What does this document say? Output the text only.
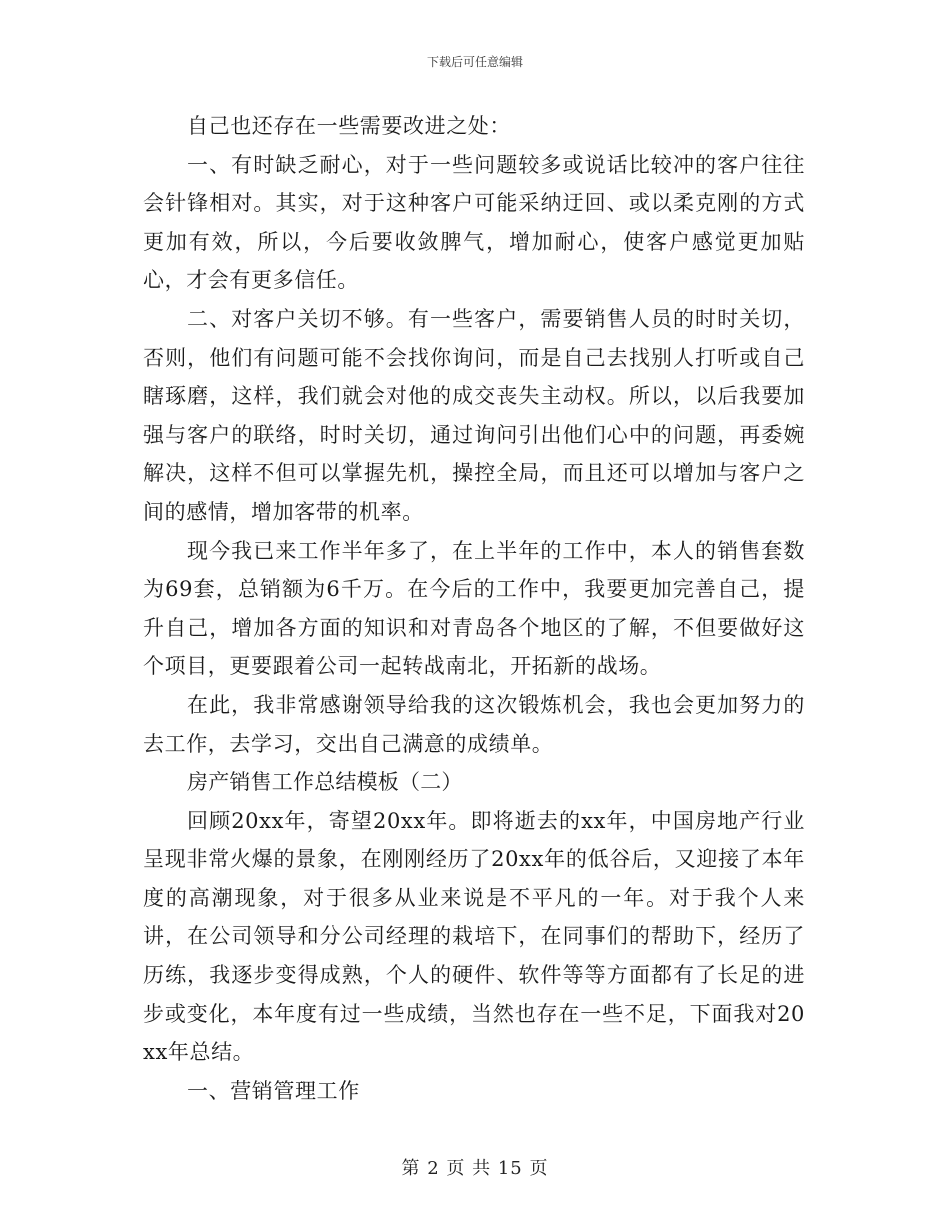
下载后可任意编辑

自己也还存在一些需要改进之处：

一、有时缺乏耐心，对于一些问题较多或说话比较冲的客户往往会针锋相对。其实，对于这种客户可能采纳迂回、或以柔克刚的方式更加有效，所以，今后要收敛脾气，增加耐心，使客户感觉更加贴心，才会有更多信任。

二、对客户关切不够。有一些客户，需要销售人员的时时关切，否则，他们有问题可能不会找你询问，而是自己去找别人打听或自己瞎琢磨，这样，我们就会对他的成交丧失主动权。所以，以后我要加强与客户的联络，时时关切，通过询问引出他们心中的问题，再委婉解决，这样不但可以掌握先机，操控全局，而且还可以增加与客户之间的感情，增加客带的机率。

现今我已来工作半年多了，在上半年的工作中，本人的销售套数为69套，总销额为6千万。在今后的工作中，我要更加完善自己，提升自己，增加各方面的知识和对青岛各个地区的了解，不但要做好这个项目，更要跟着公司一起转战南北，开拓新的战场。

在此，我非常感谢领导给我的这次锻炼机会，我也会更加努力的去工作，去学习，交出自己满意的成绩单。

房产销售工作总结模板（二）

回顾20xx年，寄望20xx年。即将逝去的xx年，中国房地产行业呈现非常火爆的景象，在刚刚经历了20xx年的低谷后，又迎接了本年度的高潮现象，对于很多从业来说是不平凡的一年。对于我个人来讲，在公司领导和分公司经理的栽培下，在同事们的帮助下，经历了历练，我逐步变得成熟，个人的硬件、软件等等方面都有了长足的进步或变化，本年度有过一些成绩，当然也存在一些不足，下面我对20xx年总结。

一、营销管理工作

第 2 页 共 15 页
